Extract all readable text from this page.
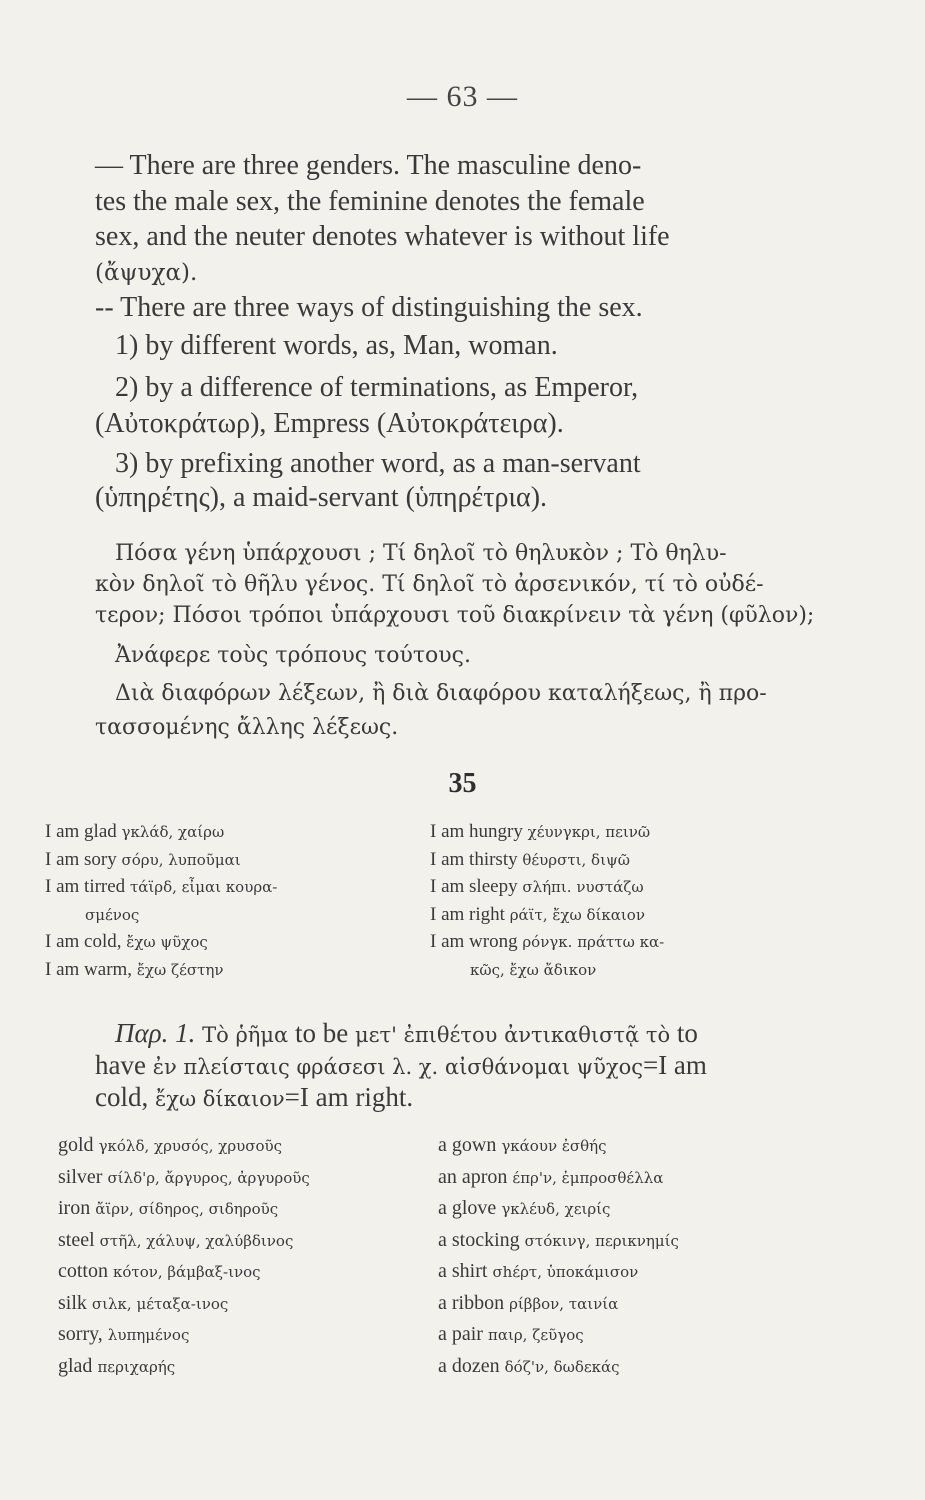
— 63 —
— There are three genders. The masculine deno-
tes the male sex, the feminine denotes the female
sex, and the neuter denotes whatever is without life
(ἄψυχα).
-- There are three ways of distinguishing the sex.
1) by different words, as, Man, woman.
2) by a difference of terminations, as Emperor,
(Αὐτοκράτωρ), Empress (Αὐτοκράτειρα).
3) by prefixing another word, as a man-servant
(ὑπηρέτης), a maid-servant (ὑπηρέτρια).
Πόσα γένη ὑπάρχουσι ; Τί δηλοῖ τὸ θηλυκὸν ; Τὸ θηλυ-
κὸν δηλοῖ τὸ θῆλυ γένος. Τί δηλοῖ τὸ ἀρσενικόν, τί τὸ οὐδέ-
τερον; Πόσοι τρόποι ὑπάρχουσι τοῦ διακρίνειν τὰ γένη (φῦλον);
Ἀνάφερε τοὺς τρόπους τούτους.
Διὰ διαφόρων λέξεων, ἢ διὰ διαφόρου καταλήξεως, ἢ προ-
τασσομένης ἄλλης λέξεως.
35
I am glad γκλάδ, χαίρω
I am sory σόρυ, λυποῦμαι
I am tirred τάϊρδ, εἶμαι κουρα-
σμένος
I am cold, ἔχω ψῦχος
I am warm, ἔχω ζέστην
I am hungry χέυνγκρι, πεινῶ
I am thirsty θέυρστι, διψῶ
I am sleepy σλήπι. νυστάζω
I am right ράϊτ, ἔχω δίκαιον
I am wrong ρόνγκ. πράττω κα-
κῶς, ἔχω ἄδικον
Παρ. 1. Τὸ ῥῆμα to be μετ' ἐπιθέτου ἀντικαθιστᾷ τὸ to
have ἐν πλείσταις φράσεσι λ. χ. αἰσθάνομαι ψῦχος=I am
cold, ἔχω δίκαιον=I am right.
gold γκόλδ, χρυσός, χρυσοῦς
silver σίλδ'ρ, ἄργυρος, ἀργυροῦς
iron ἄϊρν, σίδηρος, σιδηροῦς
steel στῆλ, χάλυψ, χαλύβδινος
cotton κότον, βάμβαξ-ινος
silk σιλκ, μέταξα-ινος
sorry, λυπημένος
glad περιχαρής
a gown γκάουν ἐσθής
an apron έπρ'ν, ἐμπροσθέλλα
a glove γκλέυδ, χειρίς
a stocking στόκινγ, περικνημίς
a shirt σhέρτ, ὑποκάμισον
a ribbon ρίββον, ταινία
a pair παιρ, ζεῦγος
a dozen δόζ'ν, δωδεκάς
